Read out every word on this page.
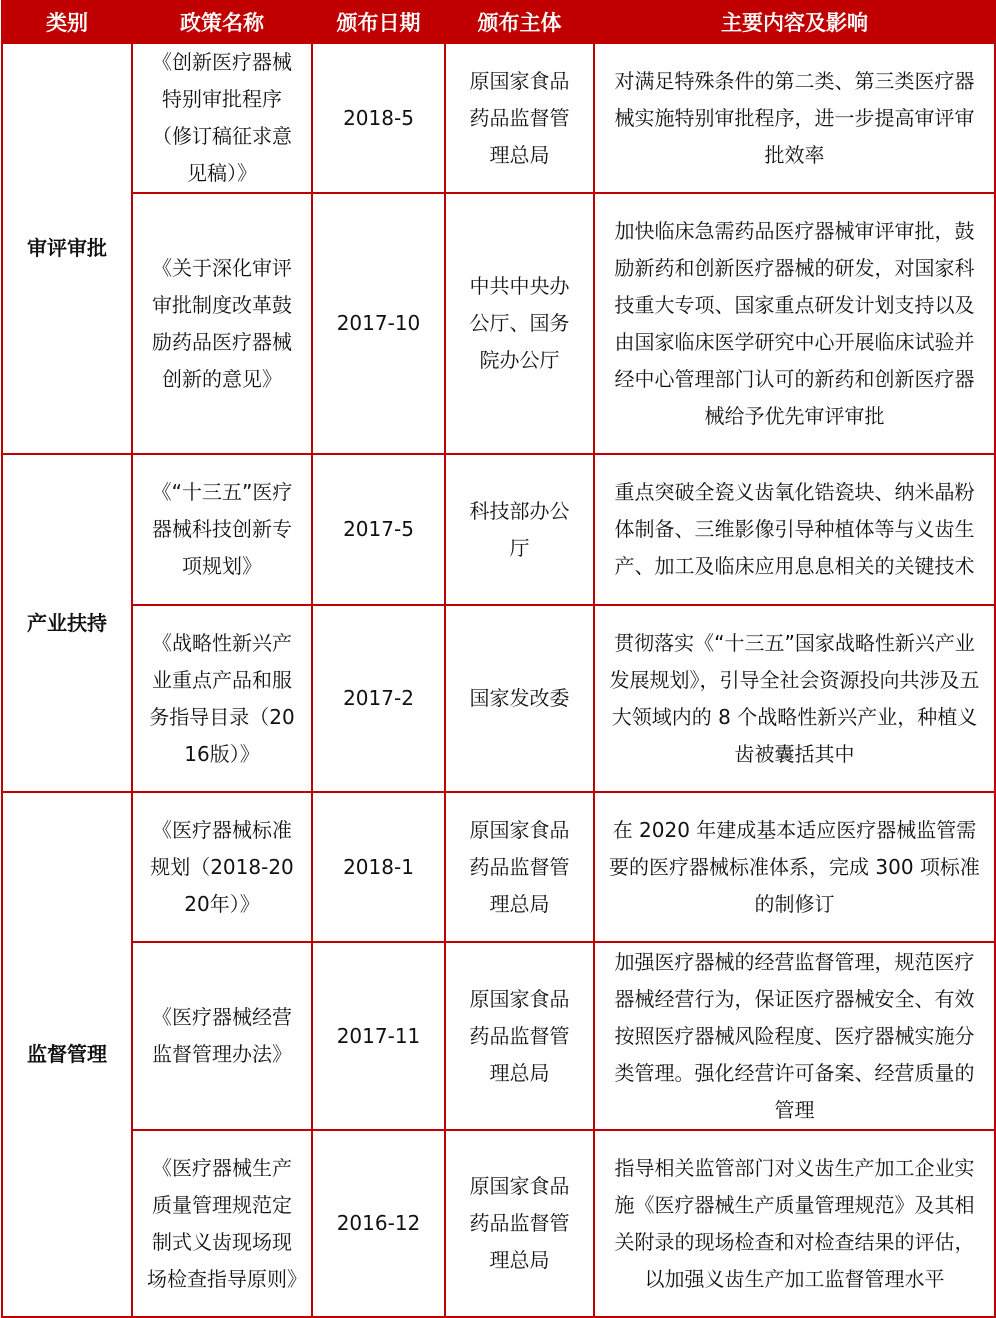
类别	政策名称	颁布日期	颁布主体	主要内容及影响
审评审批	《创新医疗器械特别审批程序（修订稿征求意见稿）》	2018-5	原国家食品药品监督管理总局	对满足特殊条件的第二类、第三类医疗器械实施特别审批程序，进一步提高审评审批效率
	《关于深化审评审批制度改革鼓励药品医疗器械创新的意见》	2017-10	中共中央办公厅、国务院办公厅	加快临床急需药品医疗器械审评审批，鼓励新药和创新医疗器械的研发，对国家科技重大专项、国家重点研发计划支持以及由国家临床医学研究中心开展临床试验并经中心管理部门认可的新药和创新医疗器械给予优先审评审批
产业扶持	《“十三五”医疗器械科技创新专项规划》	2017-5	科技部办公厅	重点突破全瓷义齿氧化锆瓷块、纳米晶粉体制备、三维影像引导种植体等与义齿生产、加工及临床应用息息相关的关键技术
	《战略性新兴产业重点产品和服务指导目录（2016版）》	2017-2	国家发改委	贯彻落实《“十三五”国家战略性新兴产业发展规划》，引导全社会资源投向共涉及五大领域内的 8 个战略性新兴产业，种植义齿被囊括其中
监督管理	《医疗器械标准规划（2018-2020年）》	2018-1	原国家食品药品监督管理总局	在 2020 年建成基本适应医疗器械监管需要的医疗器械标准体系，完成 300 项标准的制修订
	《医疗器械经营监督管理办法》	2017-11	原国家食品药品监督管理总局	加强医疗器械的经营监督管理，规范医疗器械经营行为，保证医疗器械安全、有效按照医疗器械风险程度、医疗器械实施分类管理。强化经营许可备案、经营质量的管理
	《医疗器械生产质量管理规范定制式义齿现场现场检查指导原则》	2016-12	原国家食品药品监督管理总局	指导相关监管部门对义齿生产加工企业实施《医疗器械生产质量管理规范》及其相关附录的现场检查和对检查结果的评估，以加强义齿生产加工监督管理水平
